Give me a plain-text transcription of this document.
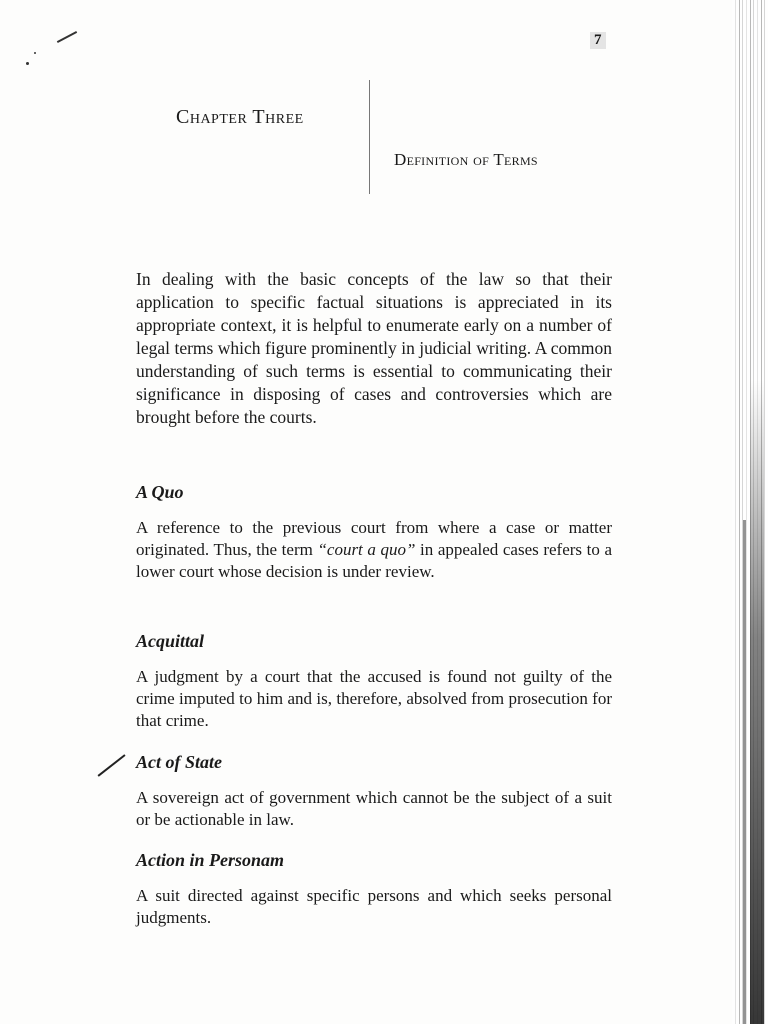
7
Chapter Three
Definition of Terms

In dealing with the basic concepts of the law so that their application to specific factual situations is appreciated in its appropriate context, it is helpful to enumerate early on a number of legal terms which figure prominently in judicial writing. A common understanding of such terms is essential to communicating their significance in disposing of cases and controversies which are brought before the courts.

A Quo

A reference to the previous court from where a case or matter originated. Thus, the term “court a quo” in appealed cases refers to a lower court whose decision is under review.

Acquittal

A judgment by a court that the accused is found not guilty of the crime imputed to him and is, therefore, absolved from prosecution for that crime.

Act of State

A sovereign act of government which cannot be the subject of a suit or be actionable in law.

Action in Personam

A suit directed against specific persons and which seeks personal judgments.
